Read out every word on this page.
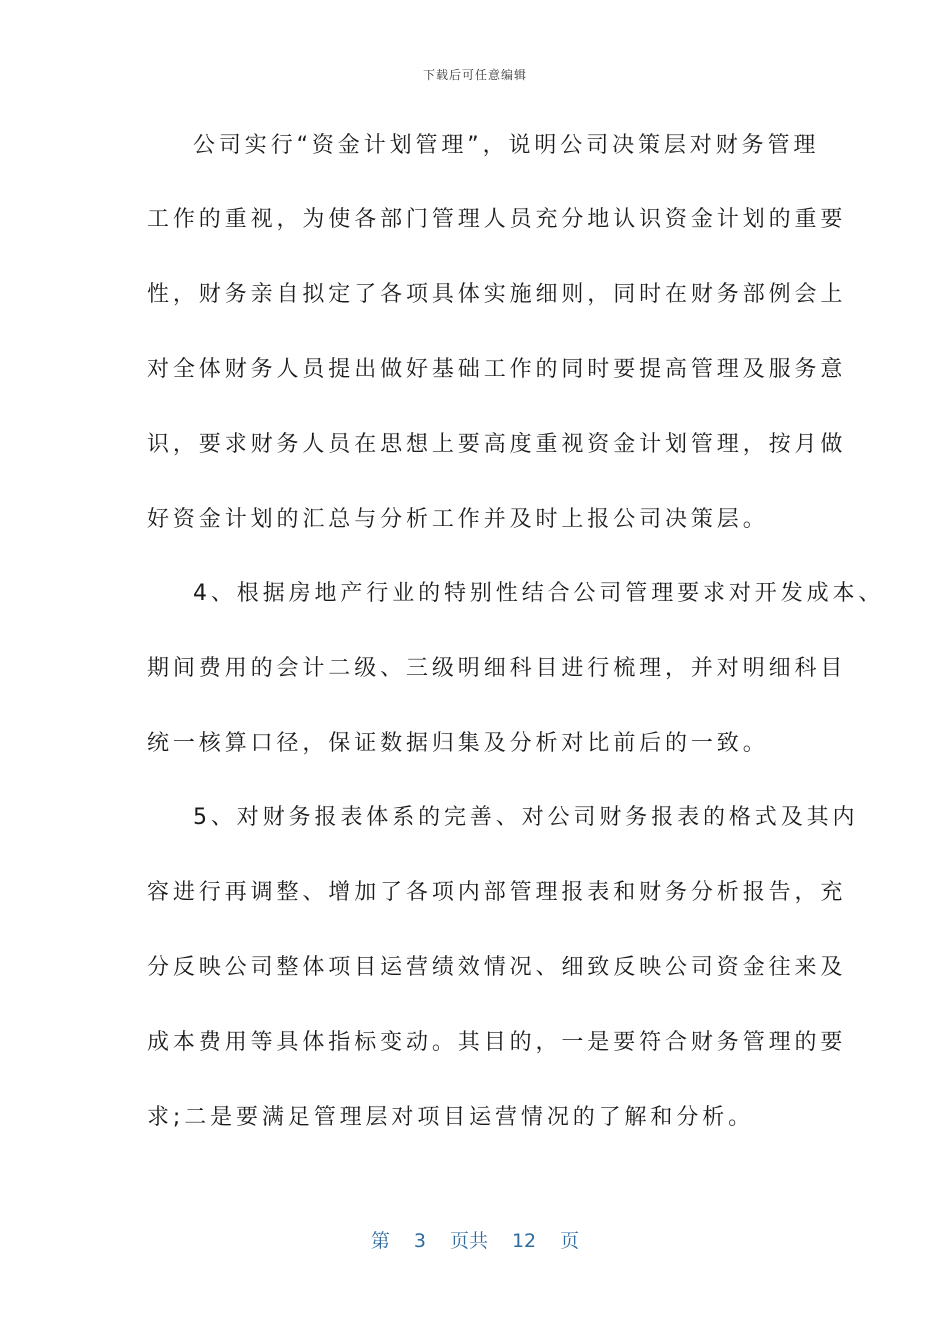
下载后可任意编辑
公司实行“资金计划管理”，说明公司决策层对财务管理
工作的重视，为使各部门管理人员充分地认识资金计划的重要
性，财务亲自拟定了各项具体实施细则，同时在财务部例会上
对全体财务人员提出做好基础工作的同时要提高管理及服务意
识，要求财务人员在思想上要高度重视资金计划管理，按月做
好资金计划的汇总与分析工作并及时上报公司决策层。
4、根据房地产行业的特别性结合公司管理要求对开发成本、
期间费用的会计二级、三级明细科目进行梳理，并对明细科目
统一核算口径，保证数据归集及分析对比前后的一致。
5、对财务报表体系的完善、对公司财务报表的格式及其内
容进行再调整、增加了各项内部管理报表和财务分析报告，充
分反映公司整体项目运营绩效情况、细致反映公司资金往来及
成本费用等具体指标变动。其目的，一是要符合财务管理的要
求;二是要满足管理层对项目运营情况的了解和分析。
第 3 页共 12 页
